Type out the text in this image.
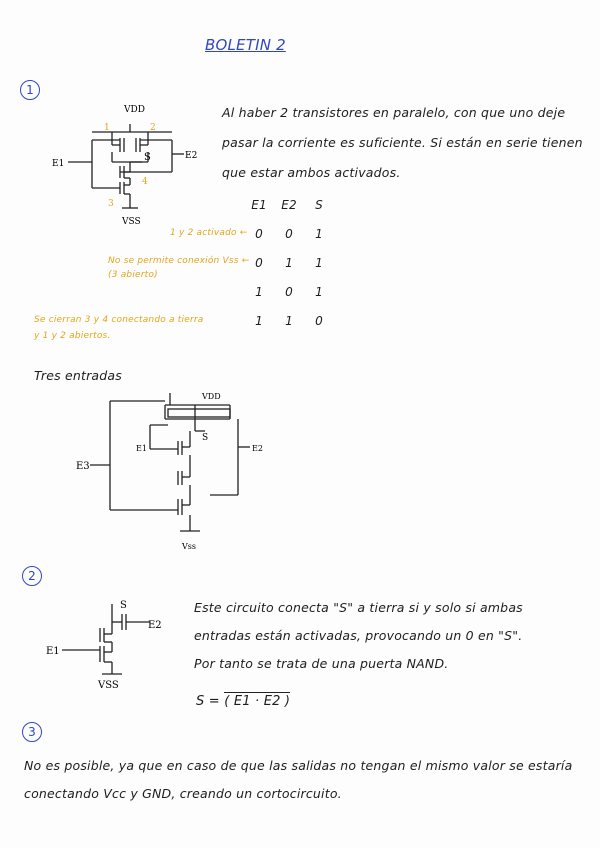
BOLETIN 2
1
VDD
S
E1
E2
VSS
1	2
3
4
Al haber 2 transistores en paralelo, con que uno deje
pasar la corriente es suficiente. Si están en serie tienen
que estar ambos activados.
E1	E2	S
0	0	1
0	1	1
1	0	1
1	1	0
1 y 2 activado ←
No se permite conexión Vss ←
(3 abierto)
Se cierran 3 y 4 conectando a tierra
y 1 y 2 abiertos.
Tres entradas
VDD
S
E1	E2
E3
Vss
2
S
E2
E1
VSS
Este circuito conecta "S" a tierra si y solo si ambas
entradas están activadas, provocando un 0 en "S".
Por tanto se trata de una puerta NAND.
S = ( E1 · E2 )
3
No es posible, ya que en caso de que las salidas no tengan el mismo valor se estaría
conectando Vcc y GND, creando un cortocircuito.
